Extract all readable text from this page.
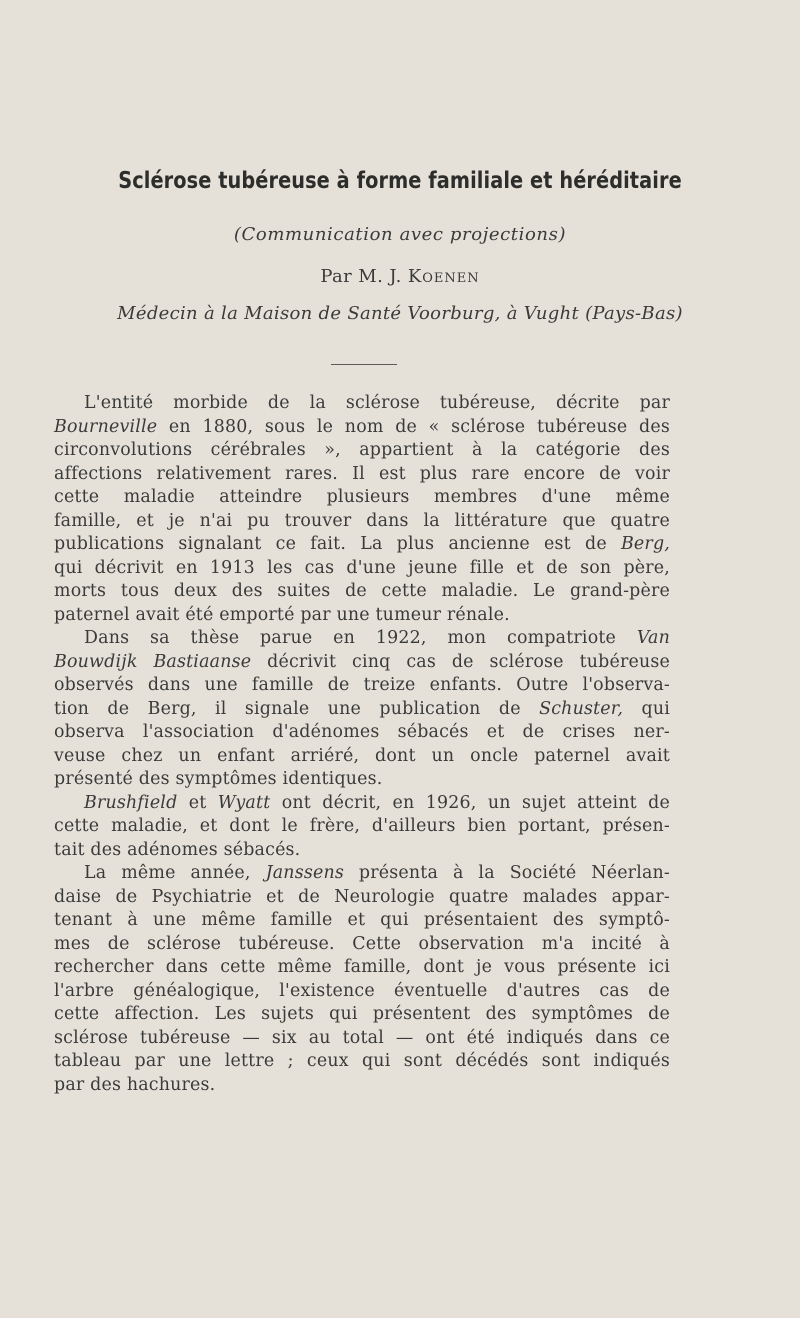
Sclérose tubéreuse à forme familiale et héréditaire
(Communication avec projections)
Par M. J. Koenen
Médecin à la Maison de Santé Voorburg, à Vught (Pays-Bas)

L'entité morbide de la sclérose tubéreuse, décrite par

Bourneville en 1880, sous le nom de « sclérose tubéreuse des

circonvolutions cérébrales », appartient à la catégorie des

affections relativement rares. Il est plus rare encore de voir

cette maladie atteindre plusieurs membres d'une même

famille, et je n'ai pu trouver dans la littérature que quatre

publications signalant ce fait. La plus ancienne est de Berg,

qui décrivit en 1913 les cas d'une jeune fille et de son père,

morts tous deux des suites de cette maladie. Le grand-père

paternel avait été emporté par une tumeur rénale.

Dans sa thèse parue en 1922, mon compatriote Van

Bouwdijk Bastiaanse décrivit cinq cas de sclérose tubéreuse

observés dans une famille de treize enfants. Outre l'observa-

tion de Berg, il signale une publication de Schuster, qui

observa l'association d'adénomes sébacés et de crises ner-

veuse chez un enfant arriéré, dont un oncle paternel avait

présenté des symptômes identiques.

Brushfield et Wyatt ont décrit, en 1926, un sujet atteint de

cette maladie, et dont le frère, d'ailleurs bien portant, présen-

tait des adénomes sébacés.

La même année, Janssens présenta à la Société Néerlan-

daise de Psychiatrie et de Neurologie quatre malades appar-

tenant à une même famille et qui présentaient des symptô-

mes de sclérose tubéreuse. Cette observation m'a incité à

rechercher dans cette même famille, dont je vous présente ici

l'arbre généalogique, l'existence éventuelle d'autres cas de

cette affection. Les sujets qui présentent des symptômes de

sclérose tubéreuse — six au total — ont été indiqués dans ce

tableau par une lettre ; ceux qui sont décédés sont indiqués

par des hachures.
